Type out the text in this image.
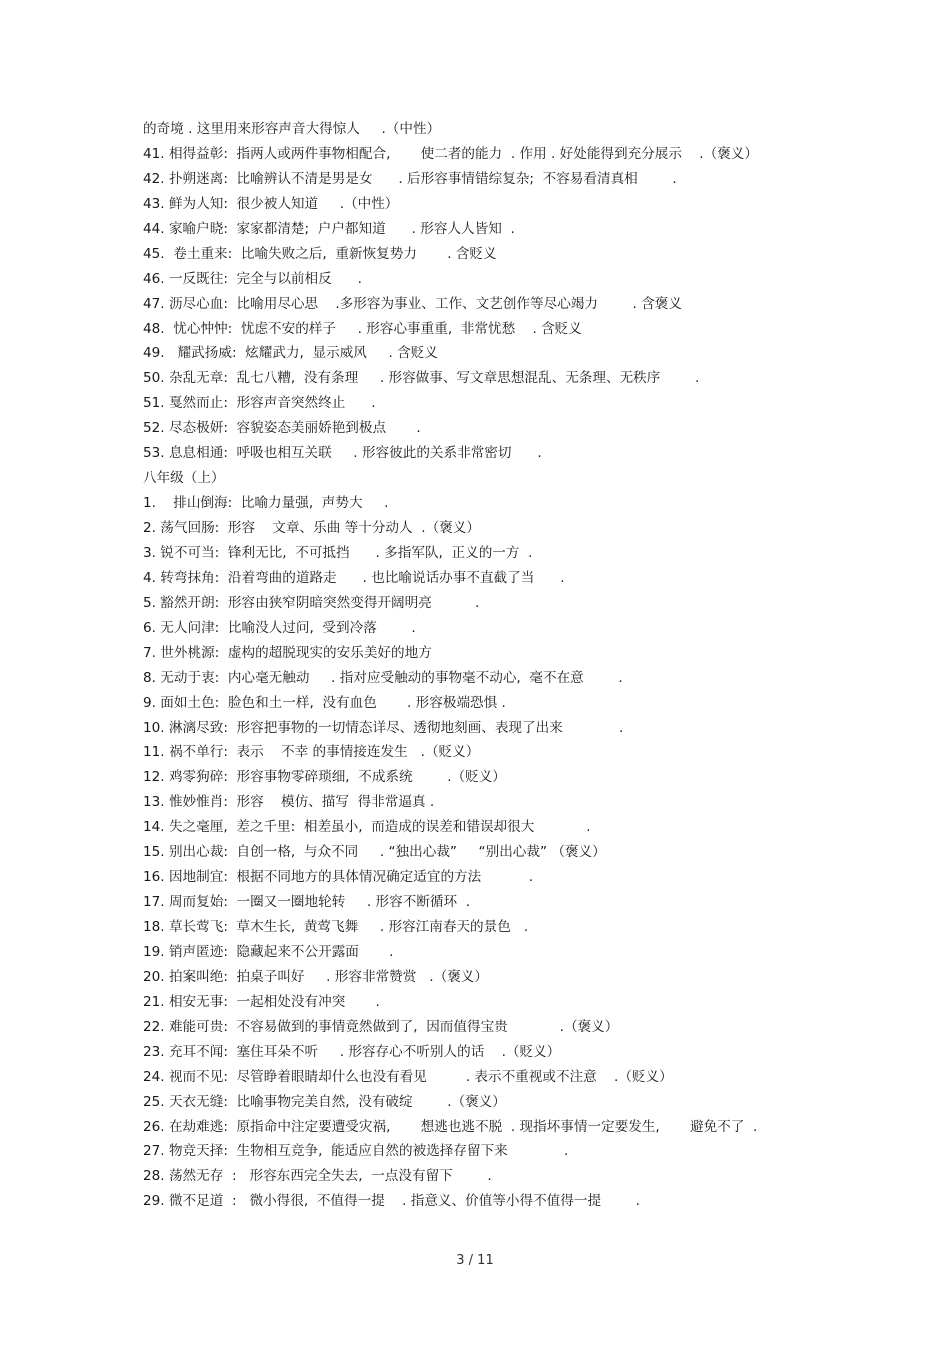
的奇境 . 这里用来形容声音大得惊人     .（中性）
41. 相得益彰:  指两人或两件事物相配合,       使二者的能力  . 作用 . 好处能得到充分展示    .（褒义）
42. 扑朔迷离:  比喻辨认不清是男是女      . 后形容事情错综复杂;  不容易看清真相        .
43. 鲜为人知:  很少被人知道     .（中性）
44. 家喻户晓:  家家都清楚;  户户都知道      . 形容人人皆知  .
45.  卷土重来:  比喻失败之后,  重新恢复势力       . 含贬义
46. 一反既往:  完全与以前相反      .
47. 沥尽心血:  比喻用尽心思    .多形容为事业、工作、文艺创作等尽心竭力        . 含褒义
48.  忧心忡忡:  忧虑不安的样子     . 形容心事重重,  非常忧愁    . 含贬义
49.   耀武扬威:  炫耀武力,  显示威风     . 含贬义
50. 杂乱无章:  乱七八糟,  没有条理     . 形容做事、写文章思想混乱、无条理、无秩序        .
51. 戛然而止:  形容声音突然终止      .
52. 尽态极妍:  容貌姿态美丽娇艳到极点       .
53. 息息相通:  呼吸也相互关联     . 形容彼此的关系非常密切      .
八年级（上）
1.    排山倒海:  比喻力量强,  声势大     .
2. 荡气回肠:  形容    文章、乐曲 等十分动人  .（褒义）
3. 锐不可当:  锋利无比,  不可抵挡      . 多指军队,  正义的一方  .
4. 转弯抹角:  沿着弯曲的道路走      . 也比喻说话办事不直截了当      .
5. 豁然开朗:  形容由狭窄阴暗突然变得开阔明亮          .
6. 无人问津:  比喻没人过问,  受到冷落        .
7. 世外桃源:  虚构的超脱现实的安乐美好的地方
8. 无动于衷:  内心毫无触动     . 指对应受触动的事物毫不动心,  毫不在意        .
9. 面如土色:  脸色和土一样,  没有血色       . 形容极端恐惧 .
10. 淋漓尽致:  形容把事物的一切情态详尽、透彻地刻画、表现了出来             .
11. 祸不单行:  表示    不幸 的事情接连发生   .（贬义）
12. 鸡零狗碎:  形容事物零碎琐细,  不成系统        .（贬义）
13. 惟妙惟肖:  形容    模仿、描写  得非常逼真 .
14. 失之毫厘,  差之千里:  相差虽小,  而造成的误差和错误却很大            .
15. 别出心裁:  自创一格,  与众不同     . “独出心裁”     “别出心裁” （褒义）
16. 因地制宜:  根据不同地方的具体情况确定适宜的方法           .
17. 周而复始:  一圈又一圈地轮转     . 形容不断循环  .
18. 草长莺飞:  草木生长,  黄莺飞舞     . 形容江南春天的景色   .
19. 销声匿迹:  隐藏起来不公开露面       .
20. 拍案叫绝:  拍桌子叫好     . 形容非常赞赏   .（褒义）
21. 相安无事:  一起相处没有冲突       .
22. 难能可贵:  不容易做到的事情竟然做到了,  因而值得宝贵            .（褒义）
23. 充耳不闻:  塞住耳朵不听     . 形容存心不听别人的话    .（贬义）
24. 视而不见:  尽管睁着眼睛却什么也没有看见         . 表示不重视或不注意    .（贬义）
25. 天衣无缝:  比喻事物完美自然,  没有破绽        .（褒义）
26. 在劫难逃:  原指命中注定要遭受灾祸,       想逃也逃不脱  . 现指坏事情一定要发生,       避免不了  .
27. 物竞天择:  生物相互竞争,  能适应自然的被选择存留下来             .
28. 荡然无存  :   形容东西完全失去,  一点没有留下        .
29. 微不足道  :   微小得很,  不值得一提    . 指意义、价值等小得不值得一提        .
3 / 11
